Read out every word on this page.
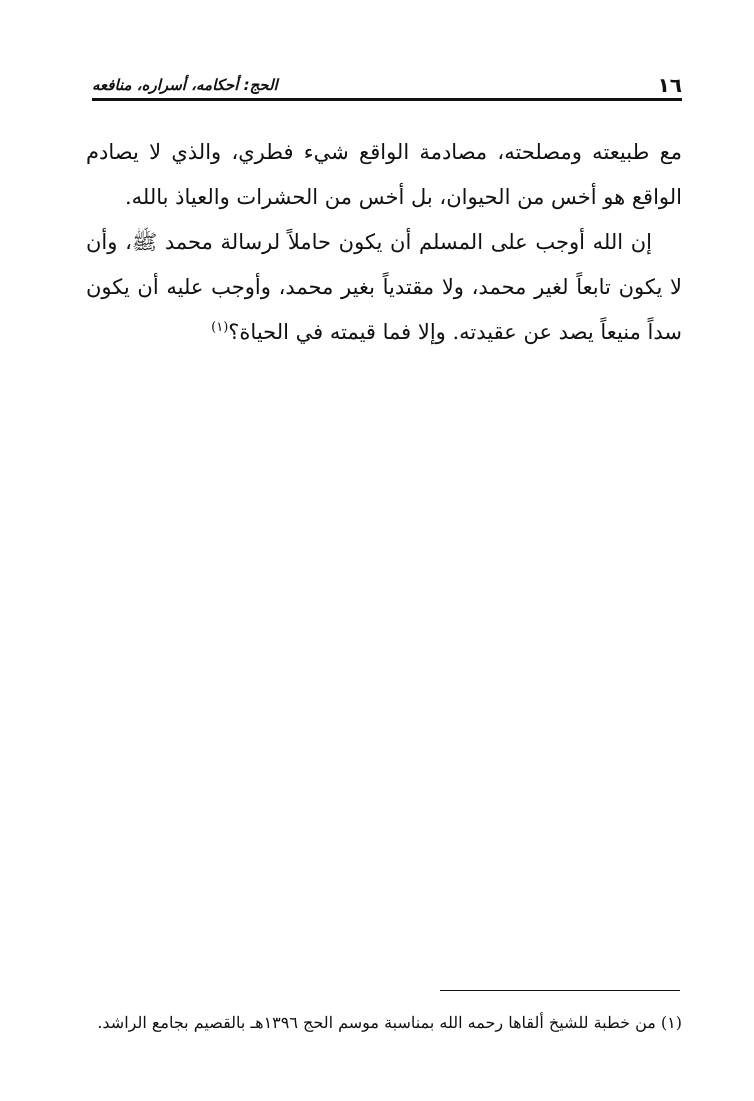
١٦
الحج: أحكامه، أسراره، منافعه

مع طبيعته ومصلحته، مصادمة الواقع شيء فطري، والذي لا يصادم الواقع هو أخس من الحيوان، بل أخس من الحشرات والعياذ بالله.

إن الله أوجب على المسلم أن يكون حاملاً لرسالة محمد ﷺ، وأن لا يكون تابعاً لغير محمد، ولا مقتدياً بغير محمد، وأوجب عليه أن يكون سداً منيعاً يصد عن عقيدته. وإلا فما قيمته في الحياة؟$^{(١)}$

(١) من خطبة للشيخ ألقاها رحمه الله بمناسبة موسم الحج ١٣٩٦هـ بالقصيم بجامع الراشد.
